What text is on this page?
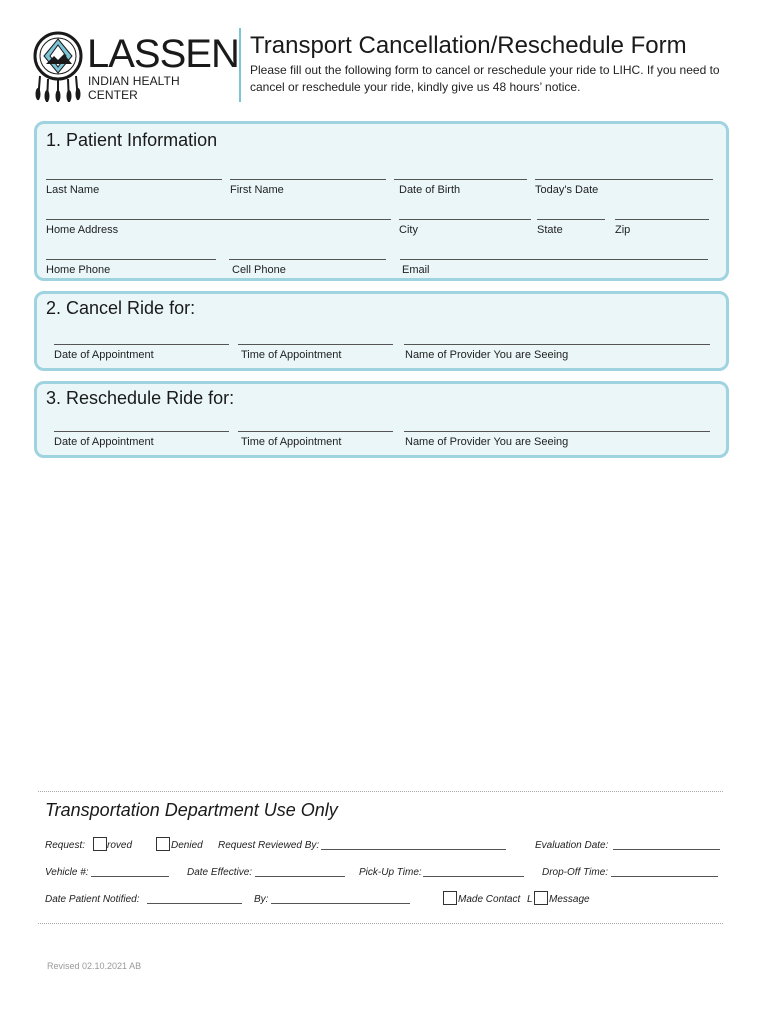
LASSEN
INDIAN HEALTH CENTER
Transport Cancellation/Reschedule Form
Please fill out the following form to cancel or reschedule your ride to LIHC. If you need to cancel or reschedule your ride, kindly give us 48 hours’ notice.
1. Patient Information
Last Name	First Name	Date of Birth	Today's Date
Home Address	City	State	Zip
Home Phone	Cell Phone	Email
2. Cancel Ride for:
Date of Appointment	Time of Appointment	Name of Provider You are Seeing
3. Reschedule Ride for:
Date of Appointment	Time of Appointment	Name of Provider You are Seeing
Transportation Department Use Only
Request: roved	Denied Request Reviewed By:	Evaluation Date:
Vehicle #:	Date Effective:	Pick-Up Time:	Drop-Off Time:
Date Patient Notified:	By:	Made Contact L Message
Revised 02.10.2021 AB
